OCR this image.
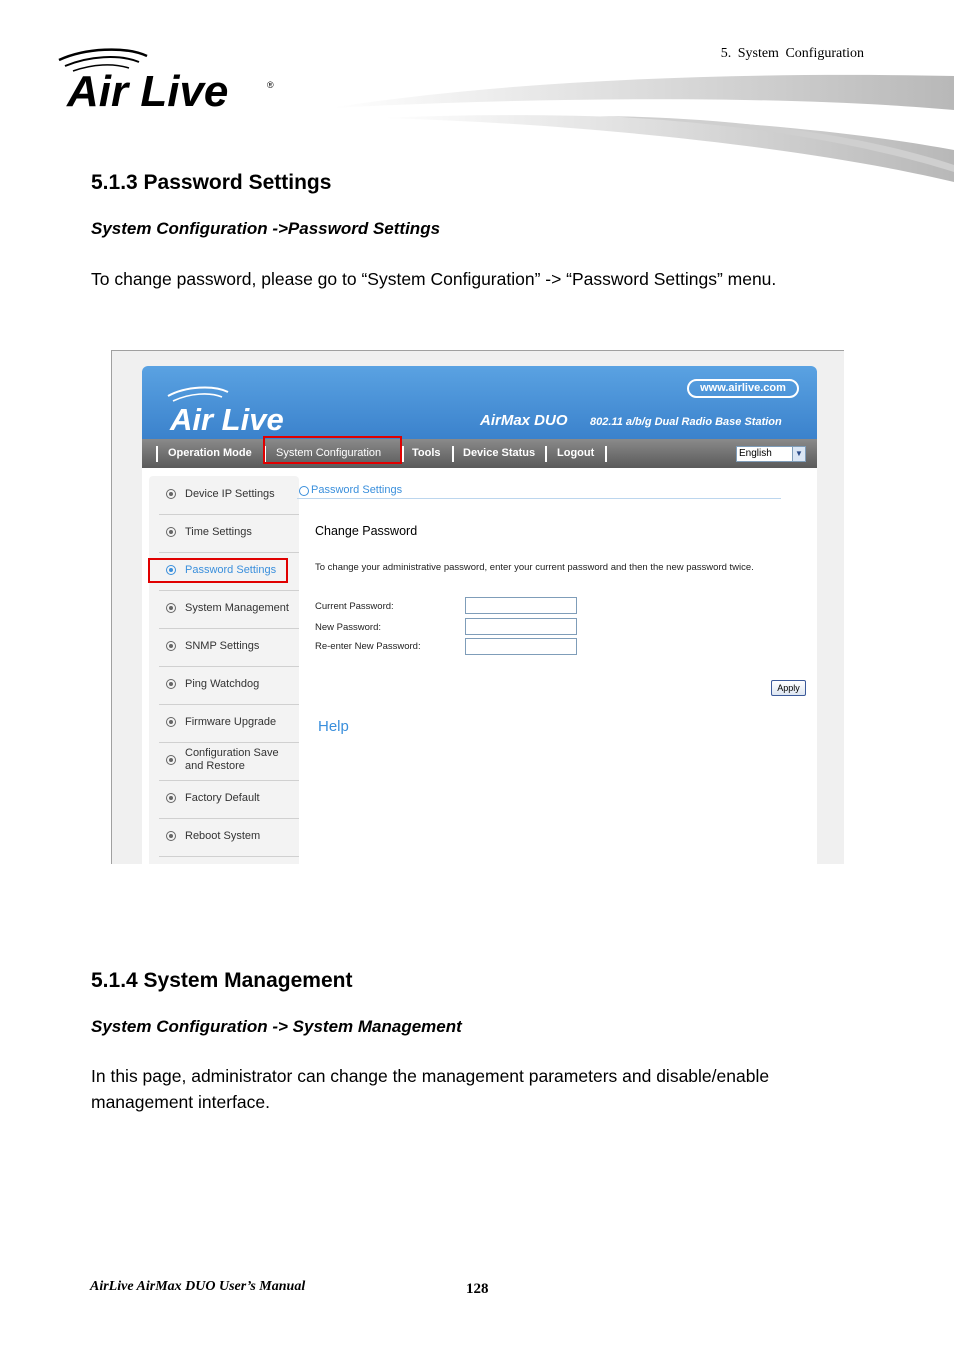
5. System Configuration
Air Live	®
5.1.3 Password Settings
System Configuration ->Password Settings
To change password, please go to “System Configuration” -> “Password Settings” menu.
Air Live
www.airlive.com
AirMax DUO 802.11 a/b/g Dual Radio Base Station
Operation Mode System Configuration	Tools Device Status Logout	English	▼
Device IP Settings
Time Settings
Password Settings
System Management
SNMP Settings
Ping Watchdog
Firmware Upgrade
Configuration Save and Restore
Factory Default
Reboot System
Password Settings
Change Password
To change your administrative password, enter your current password and then the new password twice.
Current Password:
New Password:
Re-enter New Password:
Apply
Help
5.1.4 System Management
System Configuration -> System Management
In this page, administrator can change the management parameters and disable/enable management interface.
AirLive AirMax DUO User’s Manual	128
